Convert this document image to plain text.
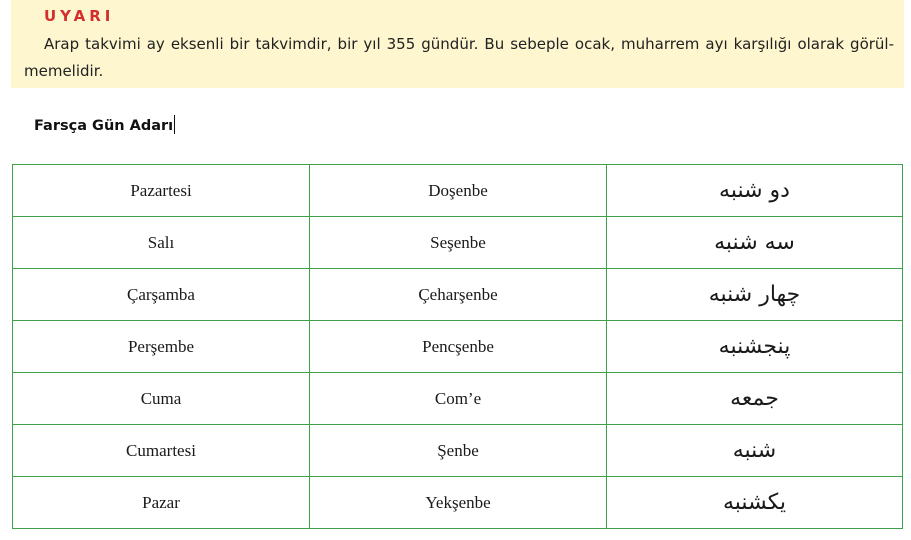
UYARI
Arap takvimi ay eksenli bir takvimdir, bir yıl 355 gündür. Bu sebeple ocak, muharrem ayı karşılığı olarak görül-memelidir.
Farsça Gün Adarı
Pazartesi	Doşenbe	دو شنبه
Salı	Seşenbe	سه شنبه
Çarşamba	Çeharşenbe	چهار شنبه
Perşembe	Pencşenbe	پنجشنبه
Cuma	Com’e	جمعه
Cumartesi	Şenbe	شنبه
Pazar	Yekşenbe	یکشنبه
